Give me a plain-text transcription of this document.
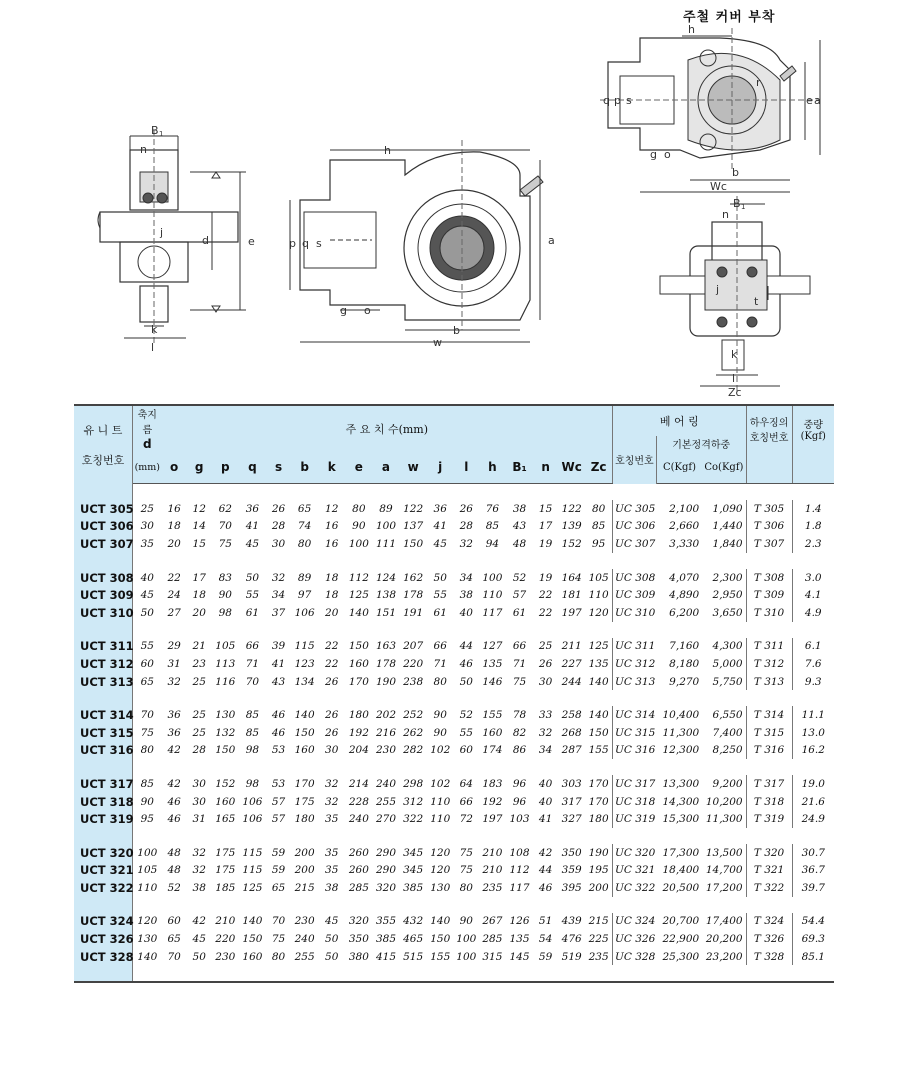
주철 커버 부착
B 1
n
d	e
j
k
l
h
p q s
g o
b
w
a
h
q p s
r
e a
g o
b
Wc
B 1
n
j
t
k
l
Zc
유 니 트
호칭번호	축지름	주 요 치 수(mm)																	베 어 링			하우징의
호칭번호	중량
(Kgf)

	d																		호칭번호	기본정격하중			
	(mm)	o	g	p	q	s	b	k	e	a	w	j	l	h	B₁	n	Wc	Zc		C(Kgf)	Co(Kgf)		

UCT 305	25	16	12	62	36	26	65	12	80	89	122	36	26	76	38	15	122	80	UC 305	2,100	1,090	T 305	1.4
UCT 306	30	18	14	70	41	28	74	16	90	100	137	41	28	85	43	17	139	85	UC 306	2,660	1,440	T 306	1.8
UCT 307	35	20	15	75	45	30	80	16	100	111	150	45	32	94	48	19	152	95	UC 307	3,330	1,840	T 307	2.3

UCT 308	40	22	17	83	50	32	89	18	112	124	162	50	34	100	52	19	164	105	UC 308	4,070	2,300	T 308	3.0
UCT 309	45	24	18	90	55	34	97	18	125	138	178	55	38	110	57	22	181	110	UC 309	4,890	2,950	T 309	4.1
UCT 310	50	27	20	98	61	37	106	20	140	151	191	61	40	117	61	22	197	120	UC 310	6,200	3,650	T 310	4.9

UCT 311	55	29	21	105	66	39	115	22	150	163	207	66	44	127	66	25	211	125	UC 311	7,160	4,300	T 311	6.1
UCT 312	60	31	23	113	71	41	123	22	160	178	220	71	46	135	71	26	227	135	UC 312	8,180	5,000	T 312	7.6
UCT 313	65	32	25	116	70	43	134	26	170	190	238	80	50	146	75	30	244	140	UC 313	9,270	5,750	T 313	9.3

UCT 314	70	36	25	130	85	46	140	26	180	202	252	90	52	155	78	33	258	140	UC 314	10,400	6,550	T 314	11.1
UCT 315	75	36	25	132	85	46	150	26	192	216	262	90	55	160	82	32	268	150	UC 315	11,300	7,400	T 315	13.0
UCT 316	80	42	28	150	98	53	160	30	204	230	282	102	60	174	86	34	287	155	UC 316	12,300	8,250	T 316	16.2

UCT 317	85	42	30	152	98	53	170	32	214	240	298	102	64	183	96	40	303	170	UC 317	13,300	9,200	T 317	19.0
UCT 318	90	46	30	160	106	57	175	32	228	255	312	110	66	192	96	40	317	170	UC 318	14,300	10,200	T 318	21.6
UCT 319	95	46	31	165	106	57	180	35	240	270	322	110	72	197	103	41	327	180	UC 319	15,300	11,300	T 319	24.9

UCT 320	100	48	32	175	115	59	200	35	260	290	345	120	75	210	108	42	350	190	UC 320	17,300	13,500	T 320	30.7
UCT 321	105	48	32	175	115	59	200	35	260	290	345	120	75	210	112	44	359	195	UC 321	18,400	14,700	T 321	36.7
UCT 322	110	52	38	185	125	65	215	38	285	320	385	130	80	235	117	46	395	200	UC 322	20,500	17,200	T 322	39.7

UCT 324	120	60	42	210	140	70	230	45	320	355	432	140	90	267	126	51	439	215	UC 324	20,700	17,400	T 324	54.4
UCT 326	130	65	45	220	150	75	240	50	350	385	465	150	100	285	135	54	476	225	UC 326	22,900	20,200	T 326	69.3
UCT 328	140	70	50	230	160	80	255	50	380	415	515	155	100	315	145	59	519	235	UC 328	25,300	23,200	T 328	85.1
